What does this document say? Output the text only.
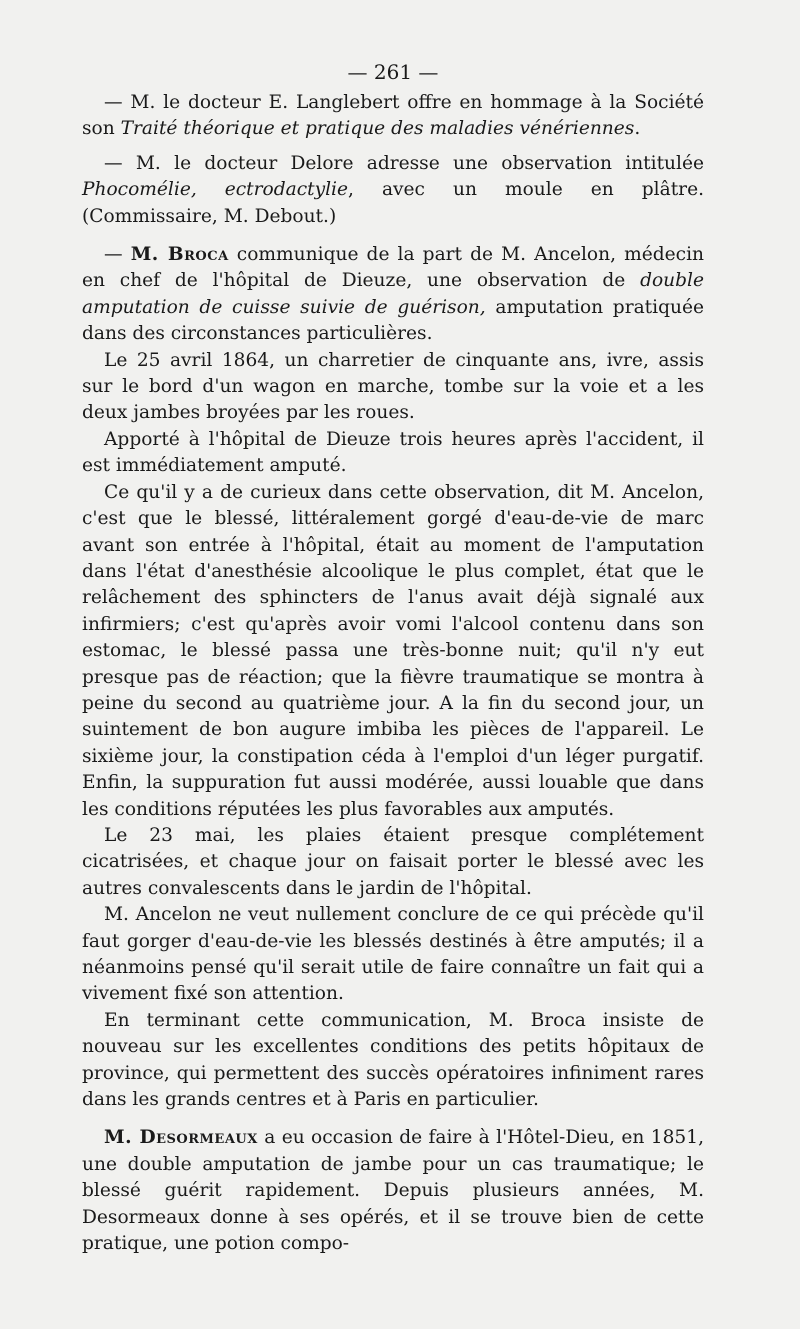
— 261 —

— M. le docteur E. Langlebert offre en hommage à la Société son Traité théorique et pratique des maladies vénériennes.

— M. le docteur Delore adresse une observation intitulée Phocomélie, ectrodactylie, avec un moule en plâtre. (Commissaire, M. Debout.)

— M. Broca communique de la part de M. Ancelon, médecin en chef de l'hôpital de Dieuze, une observation de double amputation de cuisse suivie de guérison, amputation pratiquée dans des circonstances particulières.

Le 25 avril 1864, un charretier de cinquante ans, ivre, assis sur le bord d'un wagon en marche, tombe sur la voie et a les deux jambes broyées par les roues.

Apporté à l'hôpital de Dieuze trois heures après l'accident, il est immédiatement amputé.

Ce qu'il y a de curieux dans cette observation, dit M. Ancelon, c'est que le blessé, littéralement gorgé d'eau-de-vie de marc avant son entrée à l'hôpital, était au moment de l'amputation dans l'état d'anesthésie alcoolique le plus complet, état que le relâchement des sphincters de l'anus avait déjà signalé aux infirmiers; c'est qu'après avoir vomi l'alcool contenu dans son estomac, le blessé passa une très-bonne nuit; qu'il n'y eut presque pas de réaction; que la fièvre traumatique se montra à peine du second au quatrième jour. A la fin du second jour, un suintement de bon augure imbiba les pièces de l'appareil. Le sixième jour, la constipation céda à l'emploi d'un léger purgatif. Enfin, la suppuration fut aussi modérée, aussi louable que dans les conditions réputées les plus favorables aux amputés.

Le 23 mai, les plaies étaient presque complétement cicatrisées, et chaque jour on faisait porter le blessé avec les autres convalescents dans le jardin de l'hôpital.

M. Ancelon ne veut nullement conclure de ce qui précède qu'il faut gorger d'eau-de-vie les blessés destinés à être amputés; il a néanmoins pensé qu'il serait utile de faire connaître un fait qui a vivement fixé son attention.

En terminant cette communication, M. Broca insiste de nouveau sur les excellentes conditions des petits hôpitaux de province, qui permettent des succès opératoires infiniment rares dans les grands centres et à Paris en particulier.

M. Desormeaux a eu occasion de faire à l'Hôtel-Dieu, en 1851, une double amputation de jambe pour un cas traumatique; le blessé guérit rapidement. Depuis plusieurs années, M. Desormeaux donne à ses opérés, et il se trouve bien de cette pratique, une potion compo-
